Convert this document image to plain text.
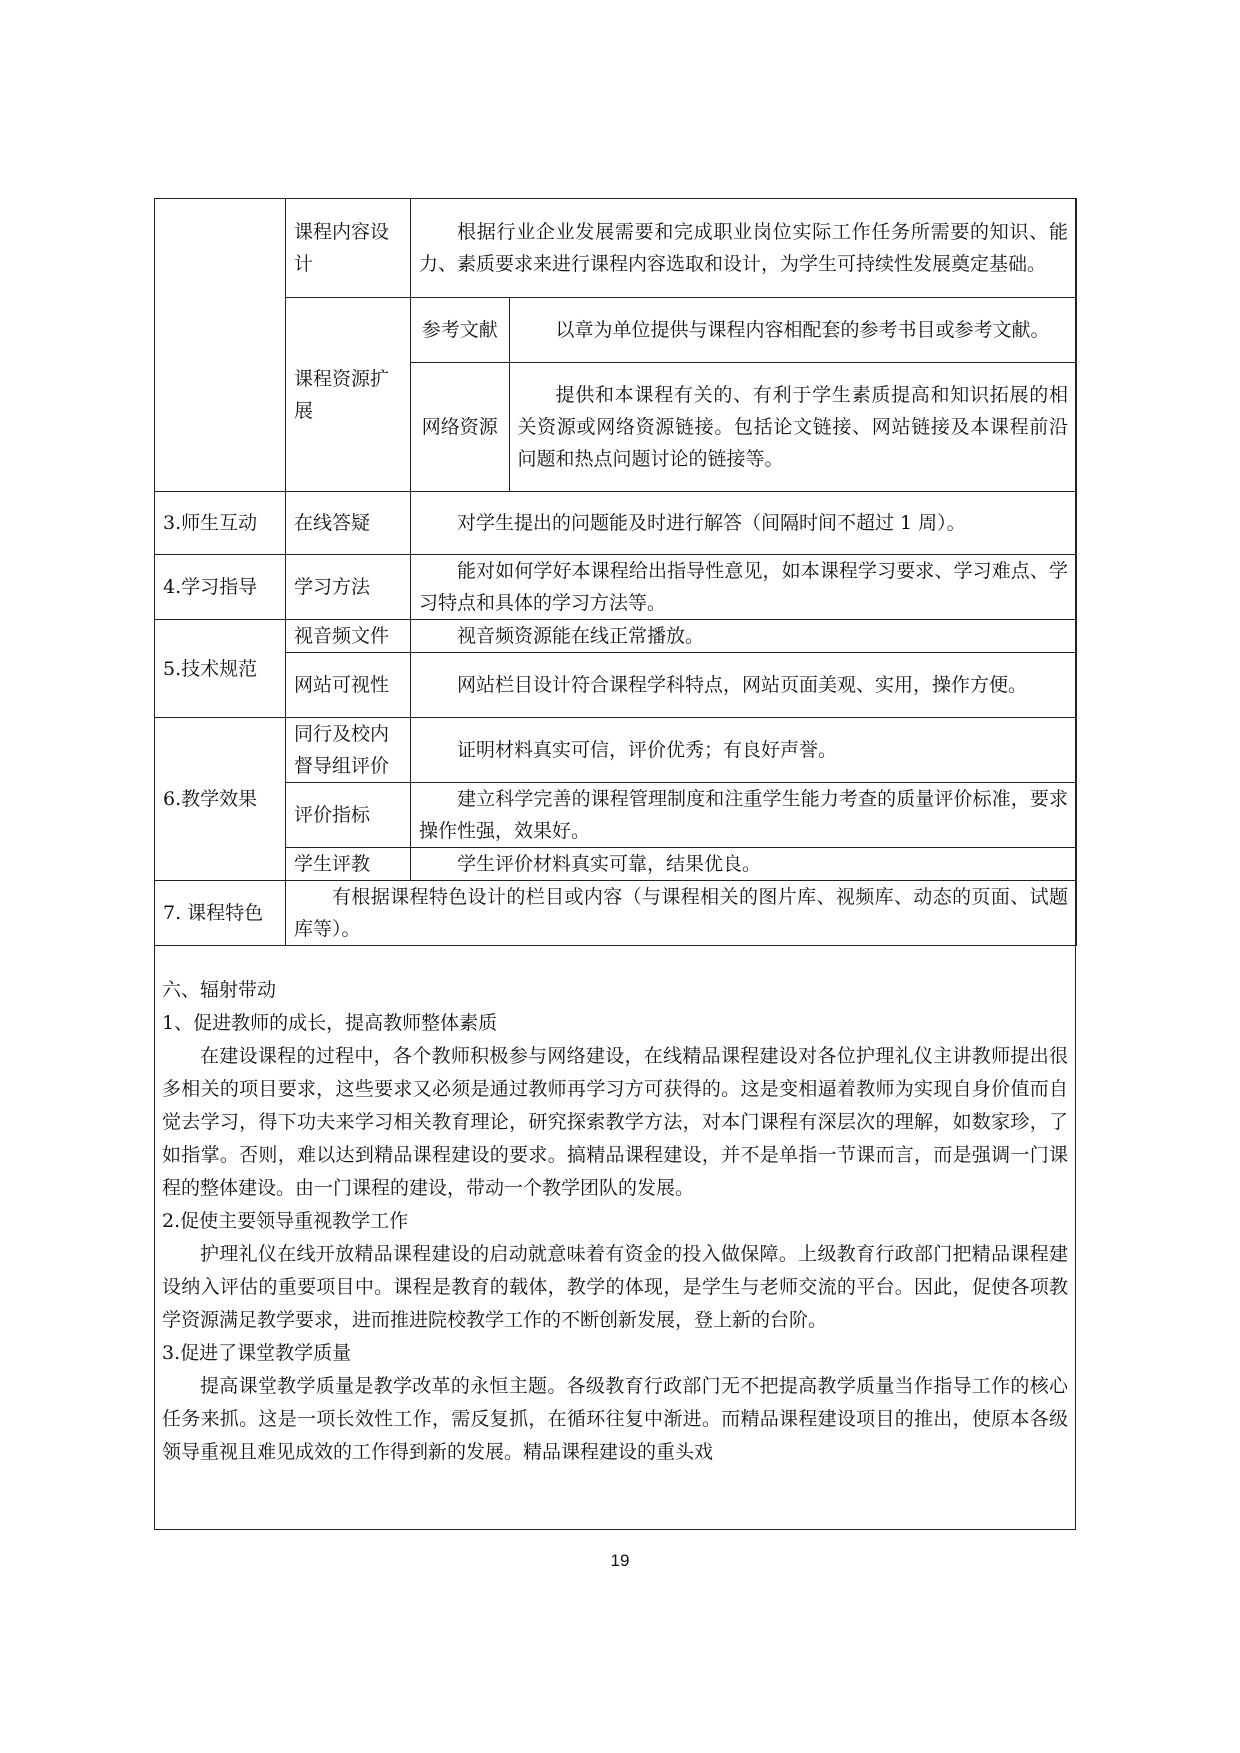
	课程内容设计	根据行业企业发展需要和完成职业岗位实际工作任务所需要的知识、能力、素质要求来进行课程内容选取和设计，为学生可持续性发展奠定基础。
课程资源扩展	
参考文献	以章为单位提供与课程内容相配套的参考书目或参考文献。
网络资源	提供和本课程有关的、有利于学生素质提高和知识拓展的相关资源或网络资源链接。包括论文链接、网站链接及本课程前沿问题和热点问题讨论的链接等。

3.师生互动	在线答疑	对学生提出的问题能及时进行解答（间隔时间不超过 1 周）。
4.学习指导	学习方法	能对如何学好本课程给出指导性意见，如本课程学习要求、学习难点、学习特点和具体的学习方法等。
5.技术规范	视音频文件	视音频资源能在线正常播放。
网站可视性	网站栏目设计符合课程学科特点，网站页面美观、实用，操作方便。
6.教学效果	同行及校内督导组评价	证明材料真实可信，评价优秀；有良好声誉。
评价指标	建立科学完善的课程管理制度和注重学生能力考查的质量评价标准，要求操作性强，效果好。
学生评教	学生评价材料真实可靠，结果优良。
7. 课程特色	有根据课程特色设计的栏目或内容（与课程相关的图片库、视频库、动态的页面、试题库等）。

六、辐射带动

1、促进教师的成长，提高教师整体素质

在建设课程的过程中，各个教师积极参与网络建设，在线精品课程建设对各位护理礼仪主讲教师提出很多相关的项目要求，这些要求又必须是通过教师再学习方可获得的。这是变相逼着教师为实现自身价值而自觉去学习，得下功夫来学习相关教育理论，研究探索教学方法，对本门课程有深层次的理解，如数家珍，了如指掌。否则，难以达到精品课程建设的要求。搞精品课程建设，并不是单指一节课而言，而是强调一门课程的整体建设。由一门课程的建设，带动一个教学团队的发展。

2.促使主要领导重视教学工作

护理礼仪在线开放精品课程建设的启动就意味着有资金的投入做保障。上级教育行政部门把精品课程建设纳入评估的重要项目中。课程是教育的载体，教学的体现，是学生与老师交流的平台。因此，促使各项教学资源满足教学要求，进而推进院校教学工作的不断创新发展，登上新的台阶。

3.促进了课堂教学质量

提高课堂教学质量是教学改革的永恒主题。各级教育行政部门无不把提高教学质量当作指导工作的核心任务来抓。这是一项长效性工作，需反复抓，在循环往复中渐进。而精品课程建设项目的推出，使原本各级领导重视且难见成效的工作得到新的发展。精品课程建设的重头戏

19
